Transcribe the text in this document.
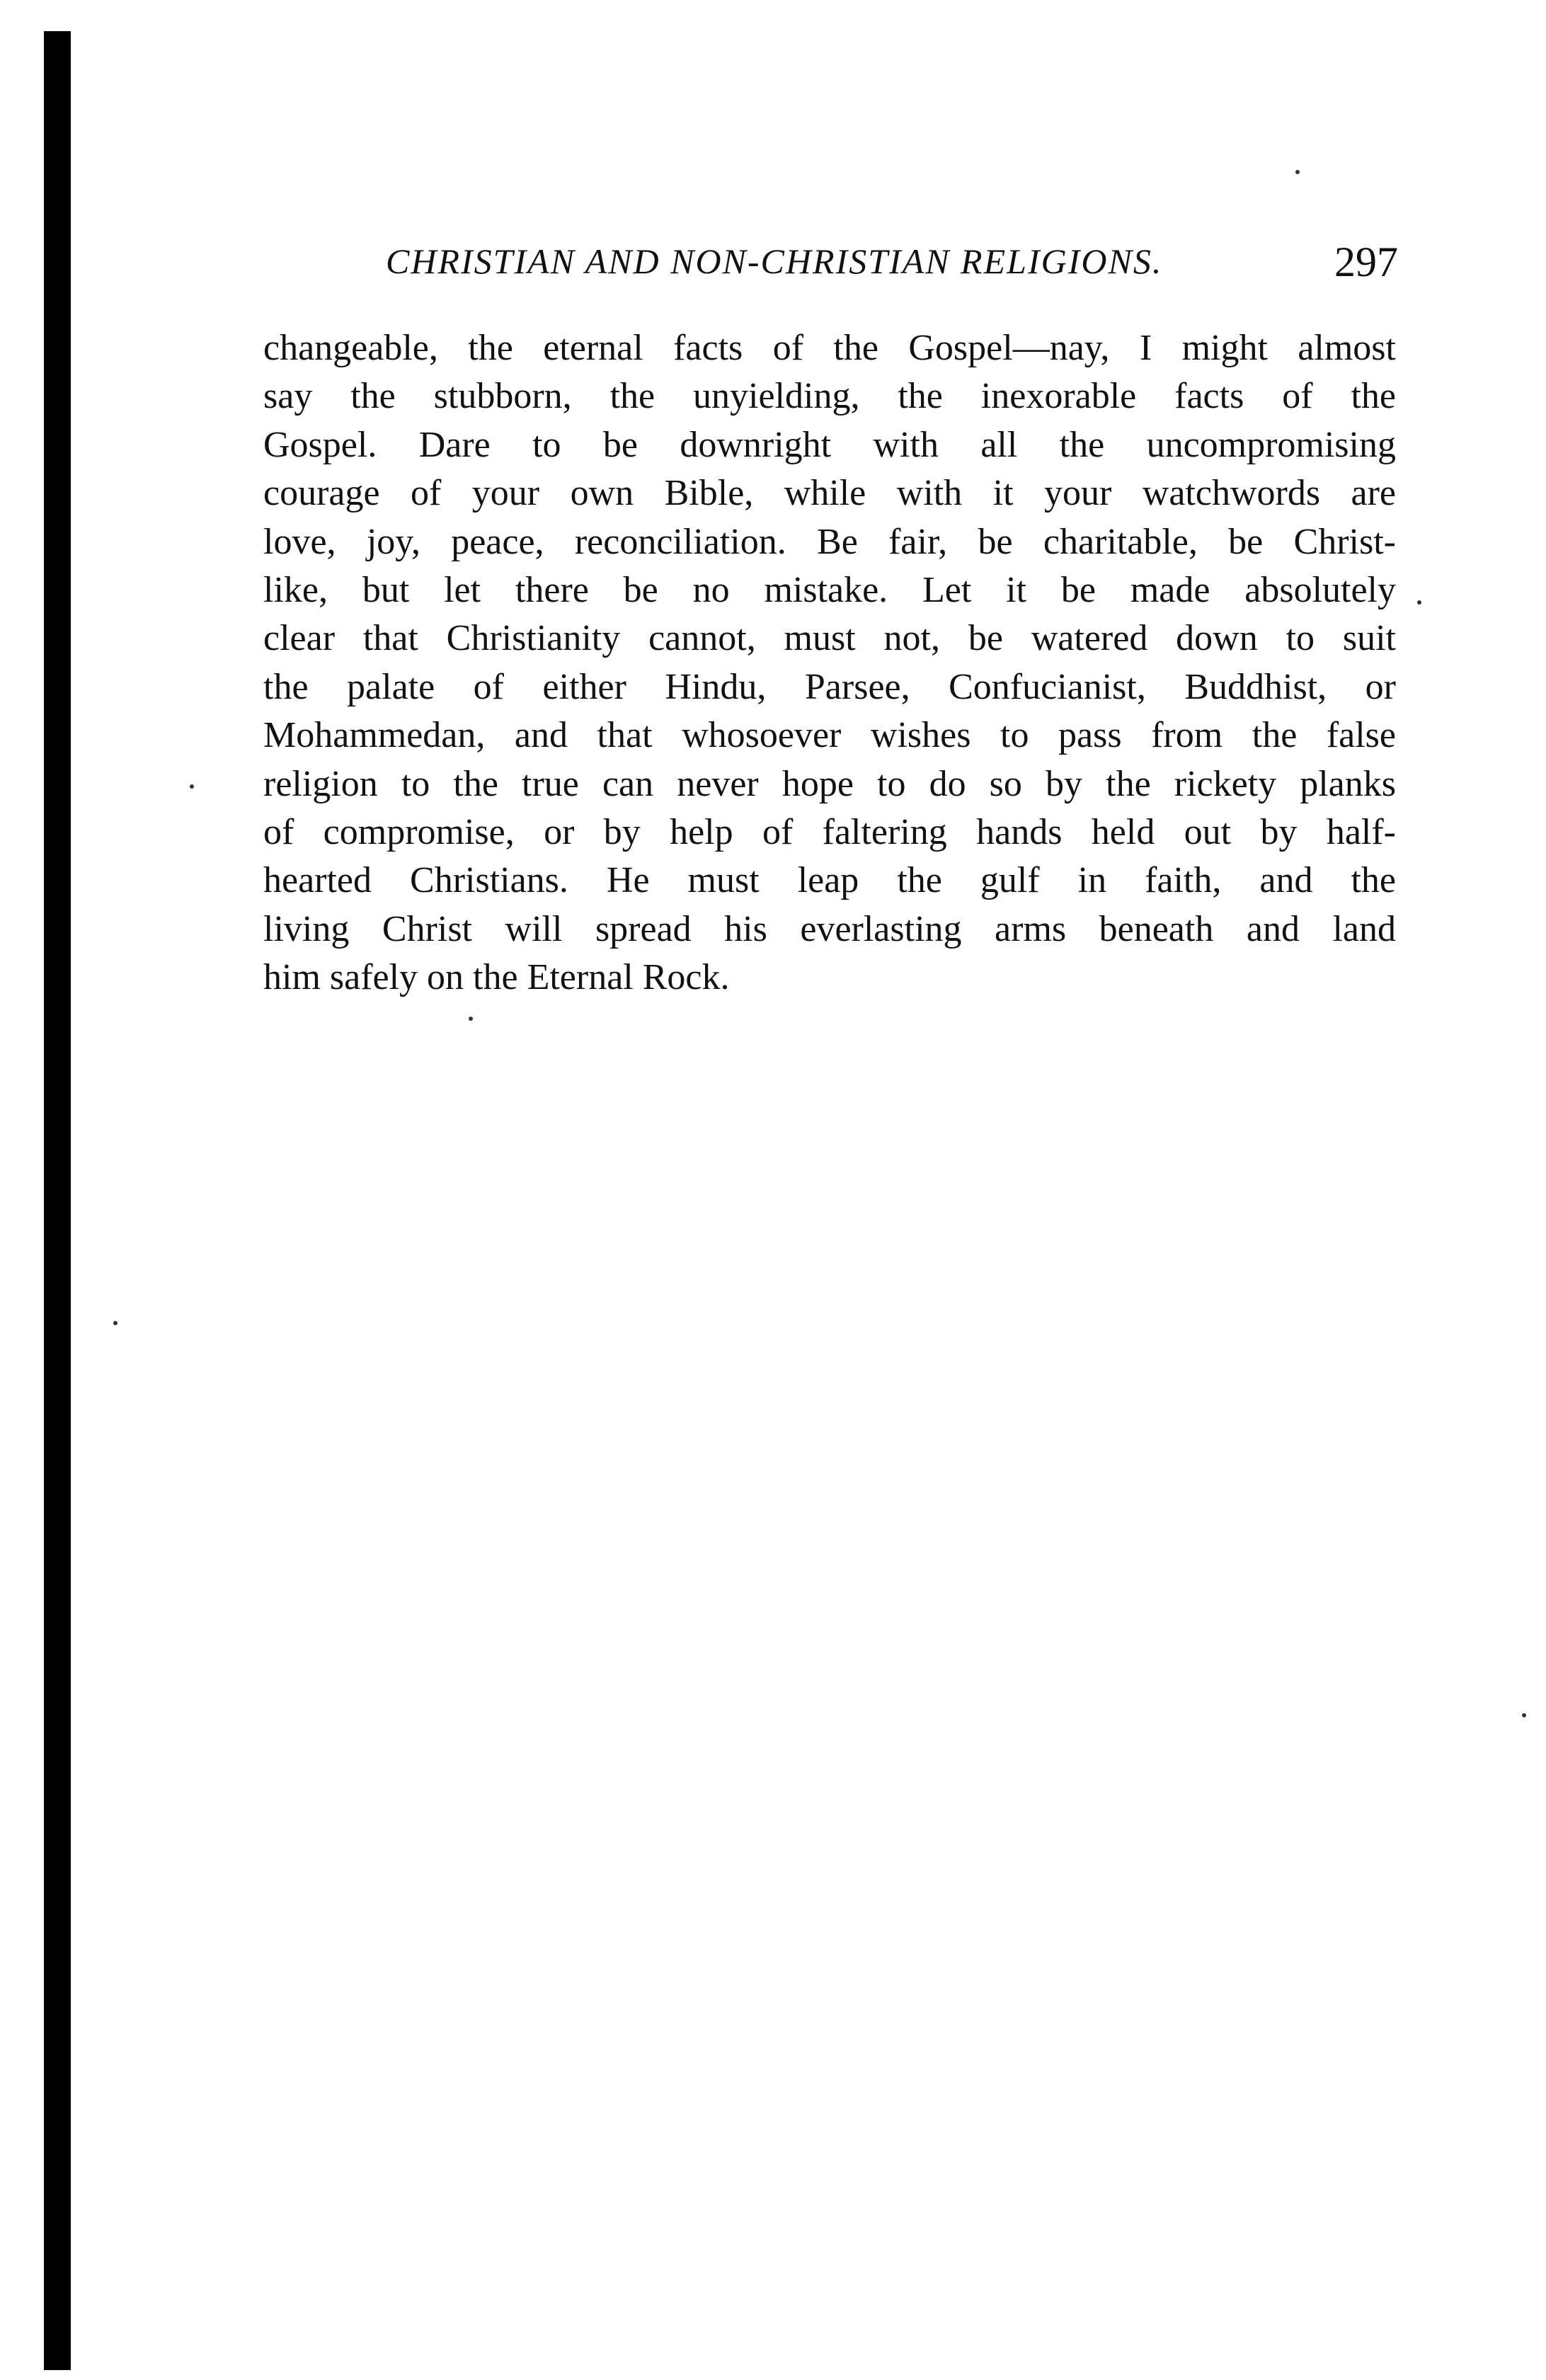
CHRISTIAN AND NON-CHRISTIAN RELIGIONS.	297
changeable, the eternal facts of the Gospel—nay, I might almost
say the stubborn, the unyielding, the inexorable facts of the
Gospel. Dare to be downright with all the uncompromising
courage of your own Bible, while with it your watchwords are
love, joy, peace, reconciliation. Be fair, be charitable, be Christ-
like, but let there be no mistake. Let it be made absolutely
clear that Christianity cannot, must not, be watered down to suit
the palate of either Hindu, Parsee, Confucianist, Buddhist, or
Mohammedan, and that whosoever wishes to pass from the false
religion to the true can never hope to do so by the rickety planks
of compromise, or by help of faltering hands held out by half-
hearted Christians. He must leap the gulf in faith, and the
living Christ will spread his everlasting arms beneath and land
him safely on the Eternal Rock.
